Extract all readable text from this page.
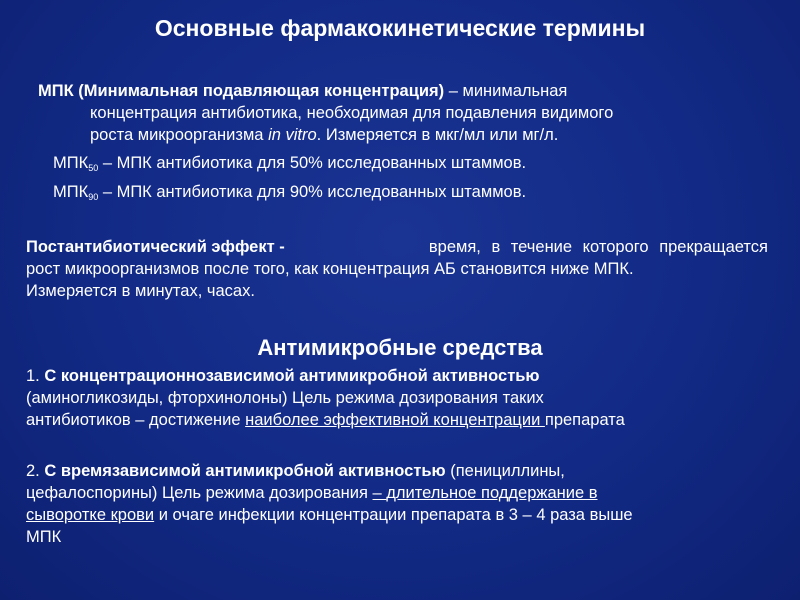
Основные фармакокинетические термины
МПК (Минимальная подавляющая концентрация) – минимальная
концентрация антибиотика, необходимая для подавления видимого
роста микроорганизма in vitro. Измеряется в мкг/мл или мг/л.
$МПК_{50}$ – МПК антибиотика для 50% исследованных штаммов.
$МПК_{90}$ – МПК антибиотика для 90% исследованных штаммов.
Постантибиотический эффект -	время, в течение которого прекращается
рост микроорганизмов после того, как концентрация АБ становится ниже МПК.
Измеряется в минутах, часах.
Антимикробные средства
1. С концентрационнозависимой антимикробной активностью
(аминогликозиды, фторхинолоны) Цель режима дозирования таких
антибиотиков – достижение наиболее эффективной концентрации препарата
2. С времязависимой антимикробной активностью (пенициллины,
цефалоспорины) Цель режима дозирования – длительное поддержание в
сыворотке крови и очаге инфекции концентрации препарата в 3 – 4 раза выше
МПК
